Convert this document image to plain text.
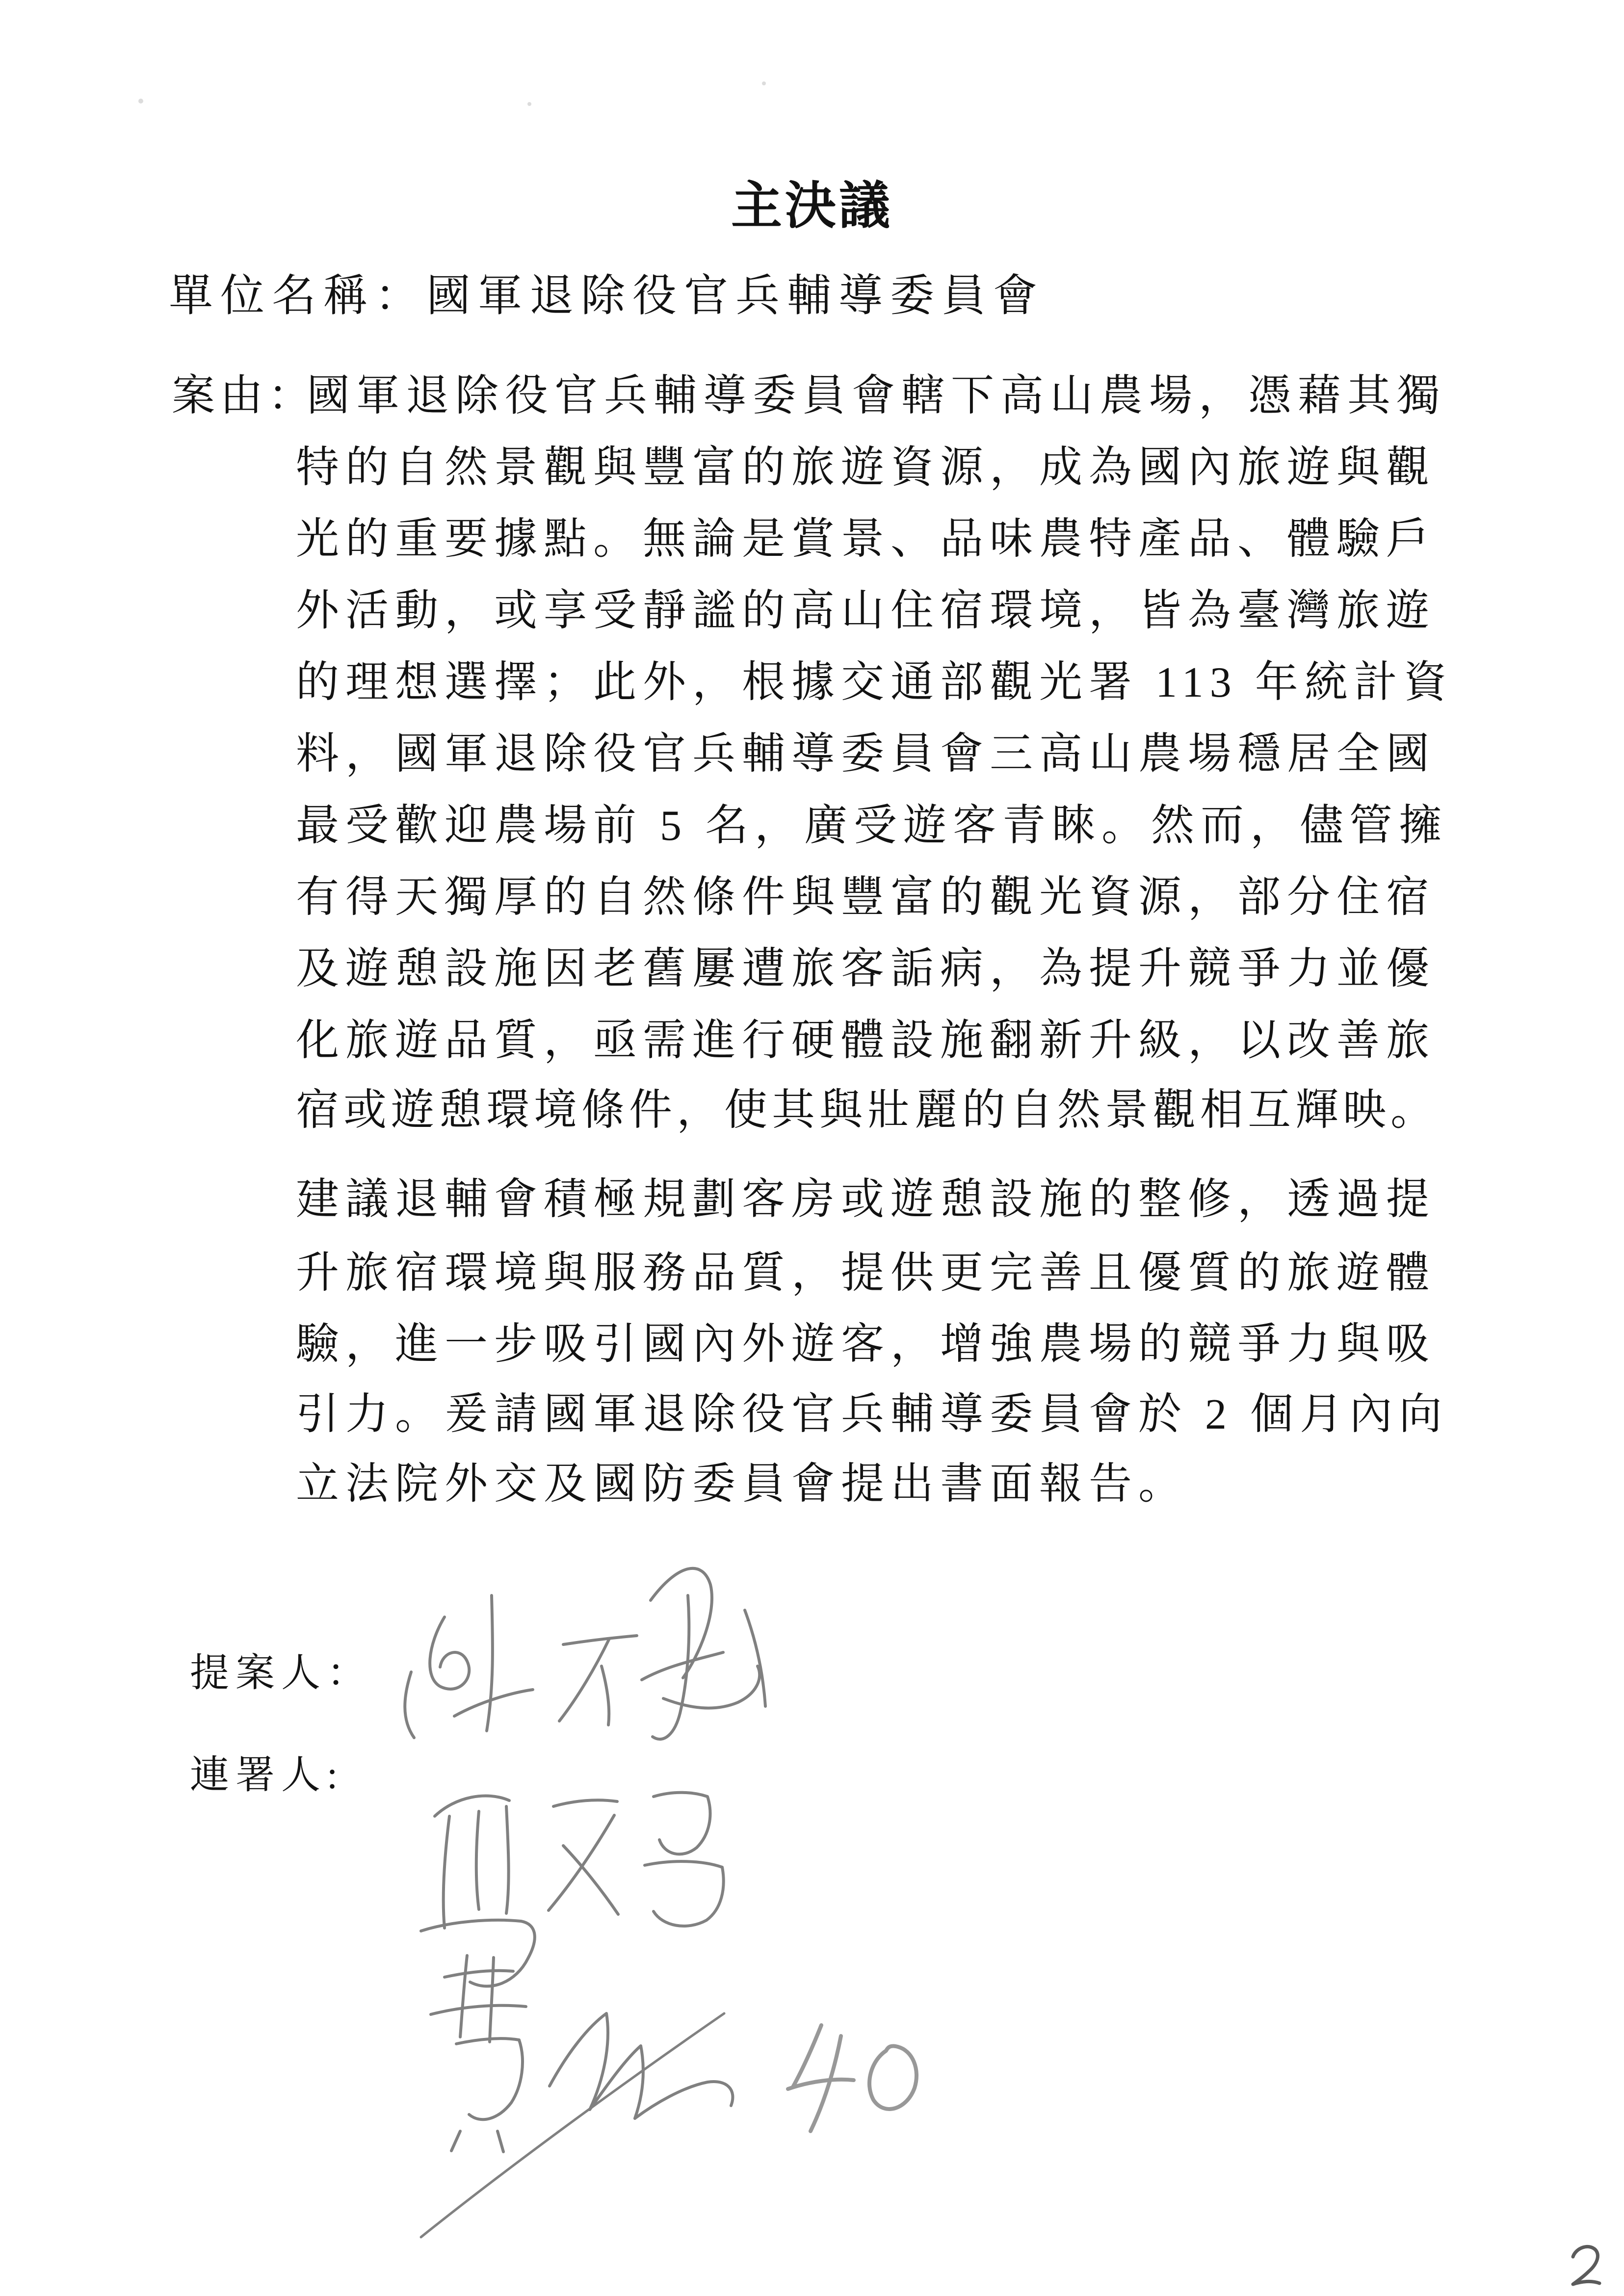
主決議
單位名稱：國軍退除役官兵輔導委員會
案由：
國軍退除役官兵輔導委員會轄下高山農場，憑藉其獨
特的自然景觀與豐富的旅遊資源，成為國內旅遊與觀
光的重要據點。無論是賞景、品味農特產品、體驗戶
外活動，或享受靜謐的高山住宿環境，皆為臺灣旅遊
的理想選擇；此外，根據交通部觀光署 113 年統計資
料，國軍退除役官兵輔導委員會三高山農場穩居全國
最受歡迎農場前 5 名，廣受遊客青睞。然而，儘管擁
有得天獨厚的自然條件與豐富的觀光資源，部分住宿
及遊憩設施因老舊屢遭旅客詬病，為提升競爭力並優
化旅遊品質，亟需進行硬體設施翻新升級，以改善旅
宿或遊憩環境條件，使其與壯麗的自然景觀相互輝映。
建議退輔會積極規劃客房或遊憩設施的整修，透過提
升旅宿環境與服務品質，提供更完善且優質的旅遊體
驗，進一步吸引國內外遊客，增強農場的競爭力與吸
引力。爰請國軍退除役官兵輔導委員會於 2 個月內向
立法院外交及國防委員會提出書面報告。
提案人：
連署人:
